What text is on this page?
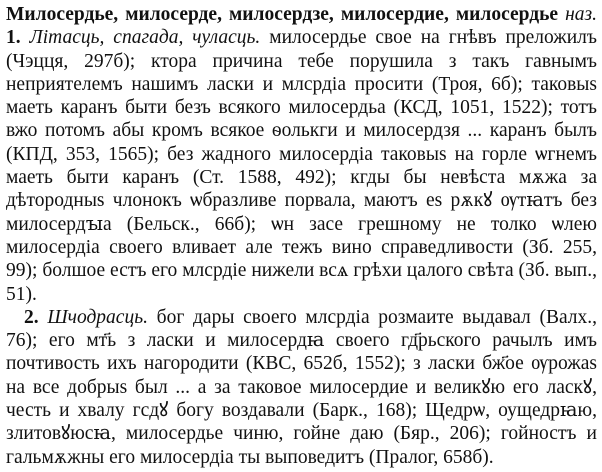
Милосердье, милосерде, милосердзе, милосердие, милосердье наз. 1. Літасць, спагада, чуласць. милосердье свое на гнѣвъ преложилъ (Чэцця, 297б); ктора причина тебе порушила з такъ гавнымъ неприятелемъ нашимъ ласки и млсрдіа просити (Троя, 6б); таковыѕ маеть каранъ быти безъ всякого милосердьа (КСД, 1051, 1522); тотъ вжо потомъ абы кромъ всякое ѳолькги и милосердзя ... каранъ былъ (КПД, 353, 1565); без жадного милосердіа таковыѕ на горле ѡгнемъ маеть быти каранъ (Ст. 1588, 492); кгды бы невѣста мѫжа за дѣтородныѕ члонокъ ѡбразливе порвала, маютъ еѕ рѫкꙋ ѹтꙗтъ без милосердꙑа (Бельск., 66б); ѡн засе грешному не толко ѡлею милосердіа своего вливает але тежъ вино справедливости (Зб. 255, 99); болшое естъ его млсрдіе нижели всѧ грѣхи цалого свѣта (Зб. вып., 51).

2. Шчодрасць. бог дары своего млсрдіа розмаите выдавал (Валх., 76); его мт҃ь з ласки и милосердꙗ своего гд҃рьского рачылъ имъ почтивость ихъ нагородити (КВС, 652б, 1552); з ласки бж҃ое ѹрожаѕ на все добрыѕ был ... а за таковое милосердие и великꙋю его ласкꙋ, честь и хвалу гсдꙋ богу воздавали (Барк., 168); Щедрѡ, оущедрꙗю, злитовꙋюсꙗ, милосердье чиню, гойне даю (Бяр., 206); гойностъ и гальмѫжны его милосердіа ты выповедитъ (Пралог, 658б).
